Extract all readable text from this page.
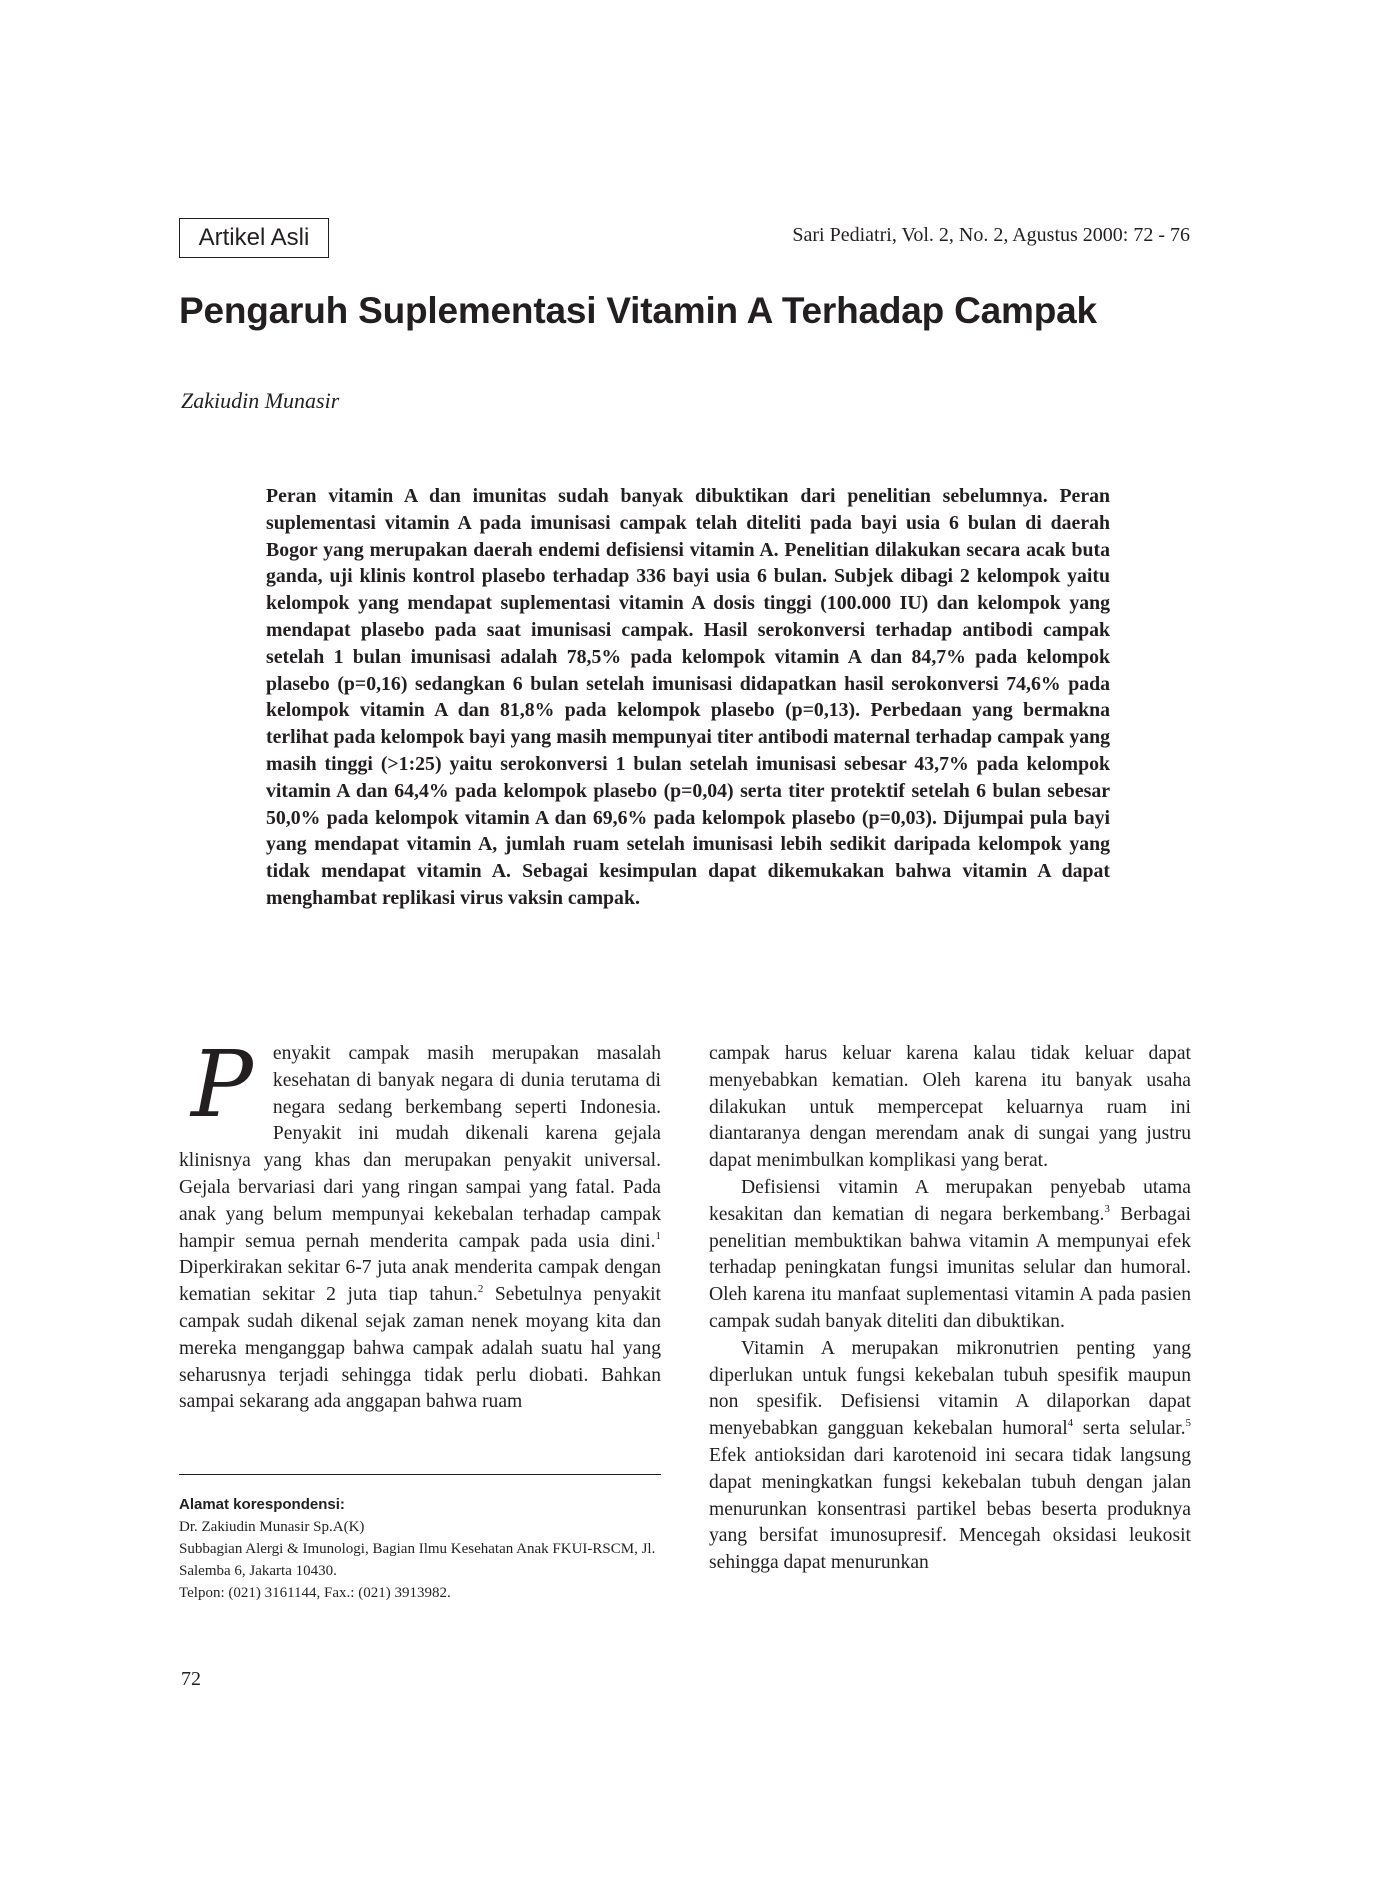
Artikel Asli	Sari Pediatri, Vol. 2, No. 2, Agustus 2000: 72 - 76
Pengaruh Suplementasi Vitamin A Terhadap Campak
Zakiudin Munasir

Peran vitamin A dan imunitas sudah banyak dibuktikan dari penelitian sebelumnya. Peran suplementasi vitamin A pada imunisasi campak telah diteliti pada bayi usia 6 bulan di daerah Bogor yang merupakan daerah endemi defisiensi vitamin A. Penelitian dilakukan secara acak buta ganda, uji klinis kontrol plasebo terhadap 336 bayi usia 6 bulan. Subjek dibagi 2 kelompok yaitu kelompok yang mendapat suplementasi vitamin A dosis tinggi (100.000 IU) dan kelompok yang mendapat plasebo pada saat imunisasi campak. Hasil serokonversi terhadap antibodi campak setelah 1 bulan imunisasi adalah 78,5% pada kelompok vitamin A dan 84,7% pada kelompok plasebo (p=0,16) sedangkan 6 bulan setelah imunisasi didapatkan hasil serokonversi 74,6% pada kelompok vitamin A dan 81,8% pada kelompok plasebo (p=0,13). Perbedaan yang bermakna terlihat pada kelompok bayi yang masih mempunyai titer antibodi maternal terhadap campak yang masih tinggi (>1:25) yaitu serokonversi 1 bulan setelah imunisasi sebesar 43,7% pada kelompok vitamin A dan 64,4% pada kelompok plasebo (p=0,04) serta titer protektif setelah 6 bulan sebesar 50,0% pada kelompok vitamin A dan 69,6% pada kelompok plasebo (p=0,03). Dijumpai pula bayi yang mendapat vitamin A, jumlah ruam setelah imunisasi lebih sedikit daripada kelompok yang tidak mendapat vitamin A. Sebagai kesimpulan dapat dikemukakan bahwa vitamin A dapat menghambat replikasi virus vaksin campak.

P enyakit campak masih merupakan masalah kesehatan di banyak negara di dunia terutama di negara sedang berkembang seperti Indonesia. Penyakit ini mudah dikenali karena gejala klinisnya yang khas dan merupakan penyakit universal. Gejala bervariasi dari yang ringan sampai yang fatal. Pada anak yang belum mempunyai kekebalan terhadap campak hampir semua pernah menderita campak pada usia dini.$^1$ Diperkirakan sekitar 6-7 juta anak menderita campak dengan kematian sekitar 2 juta tiap tahun.$^2$ Sebetulnya penyakit campak sudah dikenal sejak zaman nenek moyang kita dan mereka menganggap bahwa campak adalah suatu hal yang seharusnya terjadi sehingga tidak perlu diobati. Bahkan sampai sekarang ada anggapan bahwa ruam

campak harus keluar karena kalau tidak keluar dapat menyebabkan kematian. Oleh karena itu banyak usaha dilakukan untuk mempercepat keluarnya ruam ini diantaranya dengan merendam anak di sungai yang justru dapat menimbulkan komplikasi yang berat.

Defisiensi vitamin A merupakan penyebab utama kesakitan dan kematian di negara berkembang.$^3$ Berbagai penelitian membuktikan bahwa vitamin A mempunyai efek terhadap peningkatan fungsi imunitas selular dan humoral. Oleh karena itu manfaat suplementasi vitamin A pada pasien campak sudah banyak diteliti dan dibuktikan.

Vitamin A merupakan mikronutrien penting yang diperlukan untuk fungsi kekebalan tubuh spesifik maupun non spesifik. Defisiensi vitamin A dilaporkan dapat menyebabkan gangguan kekebalan humoral$^4$ serta selular.$^5$ Efek antioksidan dari karotenoid ini secara tidak langsung dapat meningkatkan fungsi kekebalan tubuh dengan jalan menurunkan konsentrasi partikel bebas beserta produknya yang bersifat imunosupresif. Mencegah oksidasi leukosit sehingga dapat menurunkan

Alamat korespondensi:
Dr. Zakiudin Munasir Sp.A(K)
Subbagian Alergi & Imunologi, Bagian Ilmu Kesehatan Anak FKUI-RSCM, Jl. Salemba 6, Jakarta 10430.
Telpon: (021) 3161144, Fax.: (021) 3913982.
72
